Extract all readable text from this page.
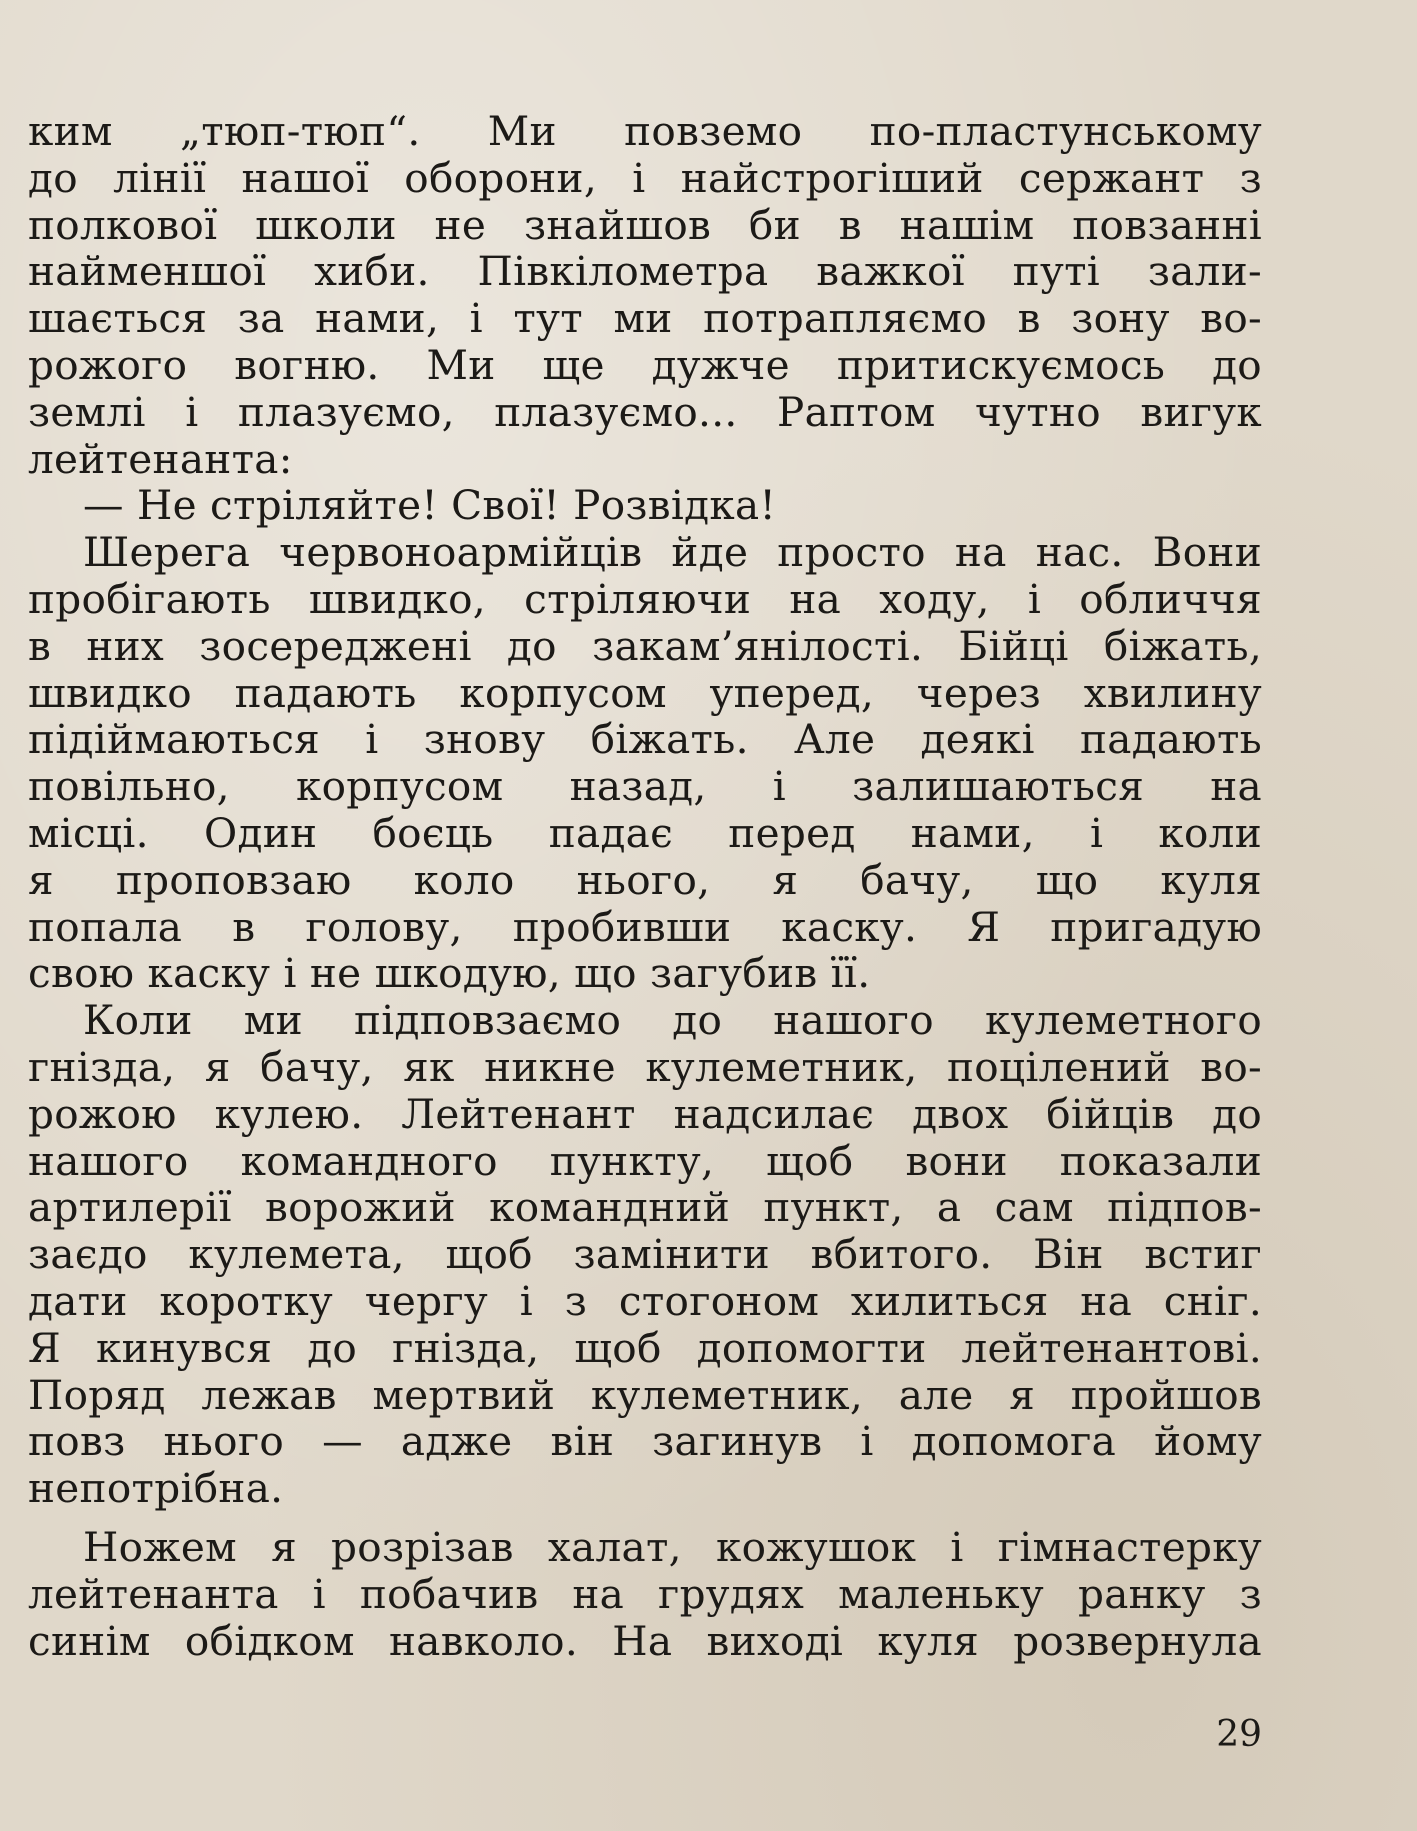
ким „тюп-тюп“. Ми повземо по-пластунському
до лінії нашої оборони, і найстрогіший сержант з
полкової школи не знайшов би в нашім повзанні
найменшої хиби. Півкілометра важкої путі зали-
шається за нами, і тут ми потрапляємо в зону во-
рожого вогню. Ми ще дужче притискуємось до
землі і плазуємо, плазуємо... Раптом чутно вигук
лейтенанта:
— Не стріляйте! Свої! Розвідка!
Шерега червоноармійців йде просто на нас. Вони
пробігають швидко, стріляючи на ходу, і обличчя
в них зосереджені до закам’янілості. Бійці біжать,
швидко падають корпусом уперед, через хвилину
підіймаються і знову біжать. Але деякі падають
повільно, корпусом назад, і залишаються на
місці. Один боєць падає перед нами, і коли
я проповзаю коло нього, я бачу, що куля
попала в голову, пробивши каску. Я пригадую
свою каску і не шкодую, що загубив її.
Коли ми підповзаємо до нашого кулеметного
гнізда, я бачу, як никне кулеметник, поцілений во-
рожою кулею. Лейтенант надсилає двох бійців до
нашого командного пункту, щоб вони показали
артилерії ворожий командний пункт, а сам підпов-
заєдо кулемета, щоб замінити вбитого. Він встиг
дати коротку чергу і з стогоном хилиться на сніг.
Я кинувся до гнізда, щоб допомогти лейтенантові.
Поряд лежав мертвий кулеметник, але я пройшов
повз нього — адже він загинув і допомога йому
непотрібна.
Ножем я розрізав халат, кожушок і гімнастерку
лейтенанта і побачив на грудях маленьку ранку з
синім обідком навколо. На виході куля розвернула
29
